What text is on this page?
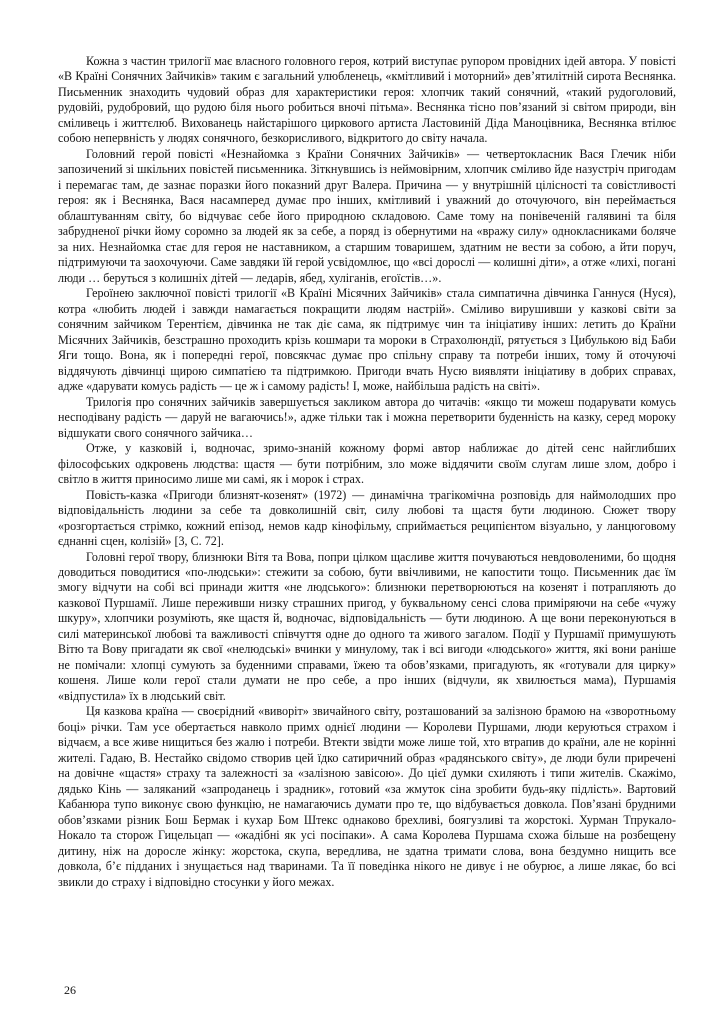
Кожна з частин трилогії має власного головного героя, котрий виступає рупором провідних ідей автора. У повісті «В Країні Сонячних Зайчиків» таким є загальний улюбленець, «кмітливий і моторний» дев’ятилітній сирота Веснянка. Письменник знаходить чудовий образ для характеристики героя: хлопчик такий сонячний, «такий рудоголовий, рудовійі, рудобровий, що рудою біля нього робиться вночі пітьма». Веснянка тісно пов’язаний зі світом природи, він сміливець і життєлюб. Вихованець найстарішого циркового артиста Ластовиній Діда Маноцівника, Веснянка втілює собою непервність у людях сонячного, безкорисливого, відкритого до світу начала.

Головний герой повісті «Незнайомка з Країни Сонячних Зайчиків» — четвертокласник Вася Глечик ніби запозичений зі шкільних повістей письменника. Зіткнувшись із неймовірним, хлопчик сміливо йде назустріч пригодам і перемагає там, де зазнає поразки його показний друг Валера. Причина — у внутрішній цілісності та совістливості героя: як і Веснянка, Вася насамперед думає про інших, кмітливий і уважний до оточуючого, він переймається облаштуванням світу, бо відчуває себе його природною складовою. Саме тому на понівеченій галявині та біля забрудненої річки йому соромно за людей як за себе, а поряд із обернутими на «вражу силу» однокласниками боляче за них. Незнайомка стає для героя не наставником, а старшим товаришем, здатним не вести за собою, а йти поруч, підтримуючи та заохочуючи. Саме завдяки їй герой усвідомлює, що «всі дорослі — колишні діти», а отже «лихі, погані люди … беруться з колишніх дітей — ледарів, ябед, хуліганів, егоїстів…».

Героїнею заключної повісті трилогії «В Країні Місячних Зайчиків» стала симпатична дівчинка Ганнуся (Нуся), котра «любить людей і завжди намагається покращити людям настрій». Сміливо вирушивши у казкові світи за сонячним зайчиком Терентієм, дівчинка не так діє сама, як підтримує чин та ініціативу інших: летить до Країни Місячних Зайчиків, безстрашно проходить крізь кошмари та мороки в Страхолюндії, рятується з Цибулькою від Баби Яги тощо. Вона, як і попередні герої, повсякчас думає про спільну справу та потреби інших, тому й оточуючі віддячують дівчинці щирою симпатією та підтримкою. Пригоди вчать Нусю виявляти ініціативу в добрих справах, адже «дарувати комусь радість — це ж і самому радість! І, може, найбільша радість на світі».

Трилогія про сонячних зайчиків завершується закликом автора до читачів: «якщо ти можеш подарувати комусь несподівану радість — даруй не вагаючись!», адже тільки так і можна перетворити буденність на казку, серед мороку відшукати свого сонячного зайчика…

Отже, у казковій і, водночас, зримо-знаній кожному формі автор наближає до дітей сенс найглибших філософських одкровень людства: щастя — бути потрібним, зло може віддячити своїм слугам лише злом, добро і світло в життя приносимо лише ми самі, як і морок і страх.

Повість-казка «Пригоди близнят-козенят» (1972) — динамічна трагікомічна розповідь для наймолодших про відповідальність людини за себе та довколишній світ, силу любові та щастя бути людиною. Сюжет твору «розгортається стрімко, кожний епізод, немов кадр кінофільму, сприймається реципієнтом візуально, у ланцюговому єднанні сцен, колізій» [3, С. 72].

Головні герої твору, близнюки Вітя та Вова, попри цілком щасливе життя почуваються невдоволеними, бо щодня доводиться поводитися «по-людськи»: стежити за собою, бути ввічливими, не капостити тощо. Письменник дає їм змогу відчути на собі всі принади життя «не людського»: близнюки перетворюються на козенят і потрапляють до казкової Пуршамії. Лише переживши низку страшних пригод, у буквальному сенсі слова приміряючи на себе «чужу шкуру», хлопчики розуміють, яке щастя й, водночас, відповідальність — бути людиною. А ще вони переконуються в силі материнської любові та важливості співчуття одне до одного та живого загалом. Події у Пуршамії примушують Вітю та Вову пригадати як свої «нелюдські» вчинки у минулому, так і всі вигоди «людського» життя, які вони раніше не помічали: хлопці сумують за буденними справами, їжею та обов’язками, пригадують, як «готували для цирку» кошеня. Лише коли герої стали думати не про себе, а про інших (відчули, як хвилюється мама), Пуршамія «відпустила» їх в людський світ.

Ця казкова країна — своєрідний «виворіт» звичайного світу, розташований за залізною брамою на «зворотньому боці» річки. Там усе обертається навколо примх однієї людини — Королеви Пуршами, люди керуються страхом і відчаєм, а все живе нищиться без жалю і потреби. Втекти звідти може лише той, хто втрапив до країни, але не корінні жителі. Гадаю, В. Нестайко свідомо створив цей їдко сатиричний образ «радянського світу», де люди були приречені на довічне «щастя» страху та залежності за «залізною завісою». До цієї думки схиляють і типи жителів. Скажімо, дядько Кінь — заляканий «запроданець і зрадник», готовий «за жмуток сіна зробити будь-яку підлість». Вартовий Кабанюра тупо виконує свою функцію, не намагаючись думати про те, що відбувається довкола. Пов’язані брудними обов’язками різник Бош Бермак і кухар Бом Штекс однаково брехливі, боягузливі та жорстокі. Хурман Тпрукало-Нокало та сторож Гицельцап — «жадібні як усі посіпаки». А сама Королева Пуршама схожа більше на розбещену дитину, ніж на доросле жінку: жорстока, скупа, вередлива, не здатна тримати слова, вона бездумно нищить все довкола, б’є підданих і знущається над тваринами. Та її поведінка нікого не дивує і не обурює, а лише лякає, бо всі звикли до страху і відповідно стосунки у його межах.

26
